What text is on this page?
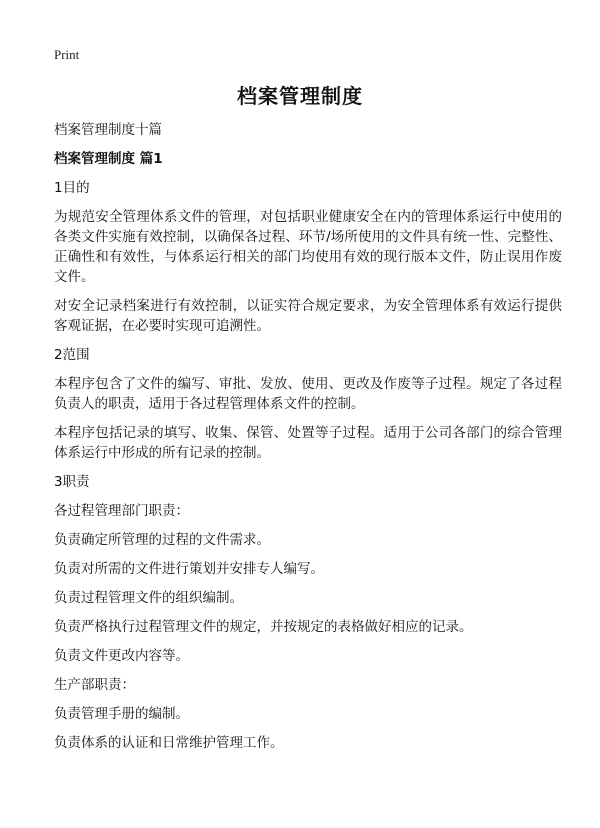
Print
档案管理制度

档案管理制度十篇

档案管理制度 篇1

1目的

为规范安全管理体系文件的管理，对包括职业健康安全在内的管理体系运行中使用的各类文件实施有效控制，以确保各过程、环节/场所使用的文件具有统一性、完整性、正确性和有效性，与体系运行相关的部门均使用有效的现行版本文件，防止误用作废文件。

对安全记录档案进行有效控制，以证实符合规定要求，为安全管理体系有效运行提供客观证据，在必要时实现可追溯性。

2范围

本程序包含了文件的编写、审批、发放、使用、更改及作废等子过程。规定了各过程负责人的职责，适用于各过程管理体系文件的控制。

本程序包括记录的填写、收集、保管、处置等子过程。适用于公司各部门的综合管理体系运行中形成的所有记录的控制。

3职责

各过程管理部门职责：

负责确定所管理的过程的文件需求。

负责对所需的文件进行策划并安排专人编写。

负责过程管理文件的组织编制。

负责严格执行过程管理文件的规定，并按规定的表格做好相应的记录。

负责文件更改内容等。

生产部职责：

负责管理手册的编制。

负责体系的认证和日常维护管理工作。
